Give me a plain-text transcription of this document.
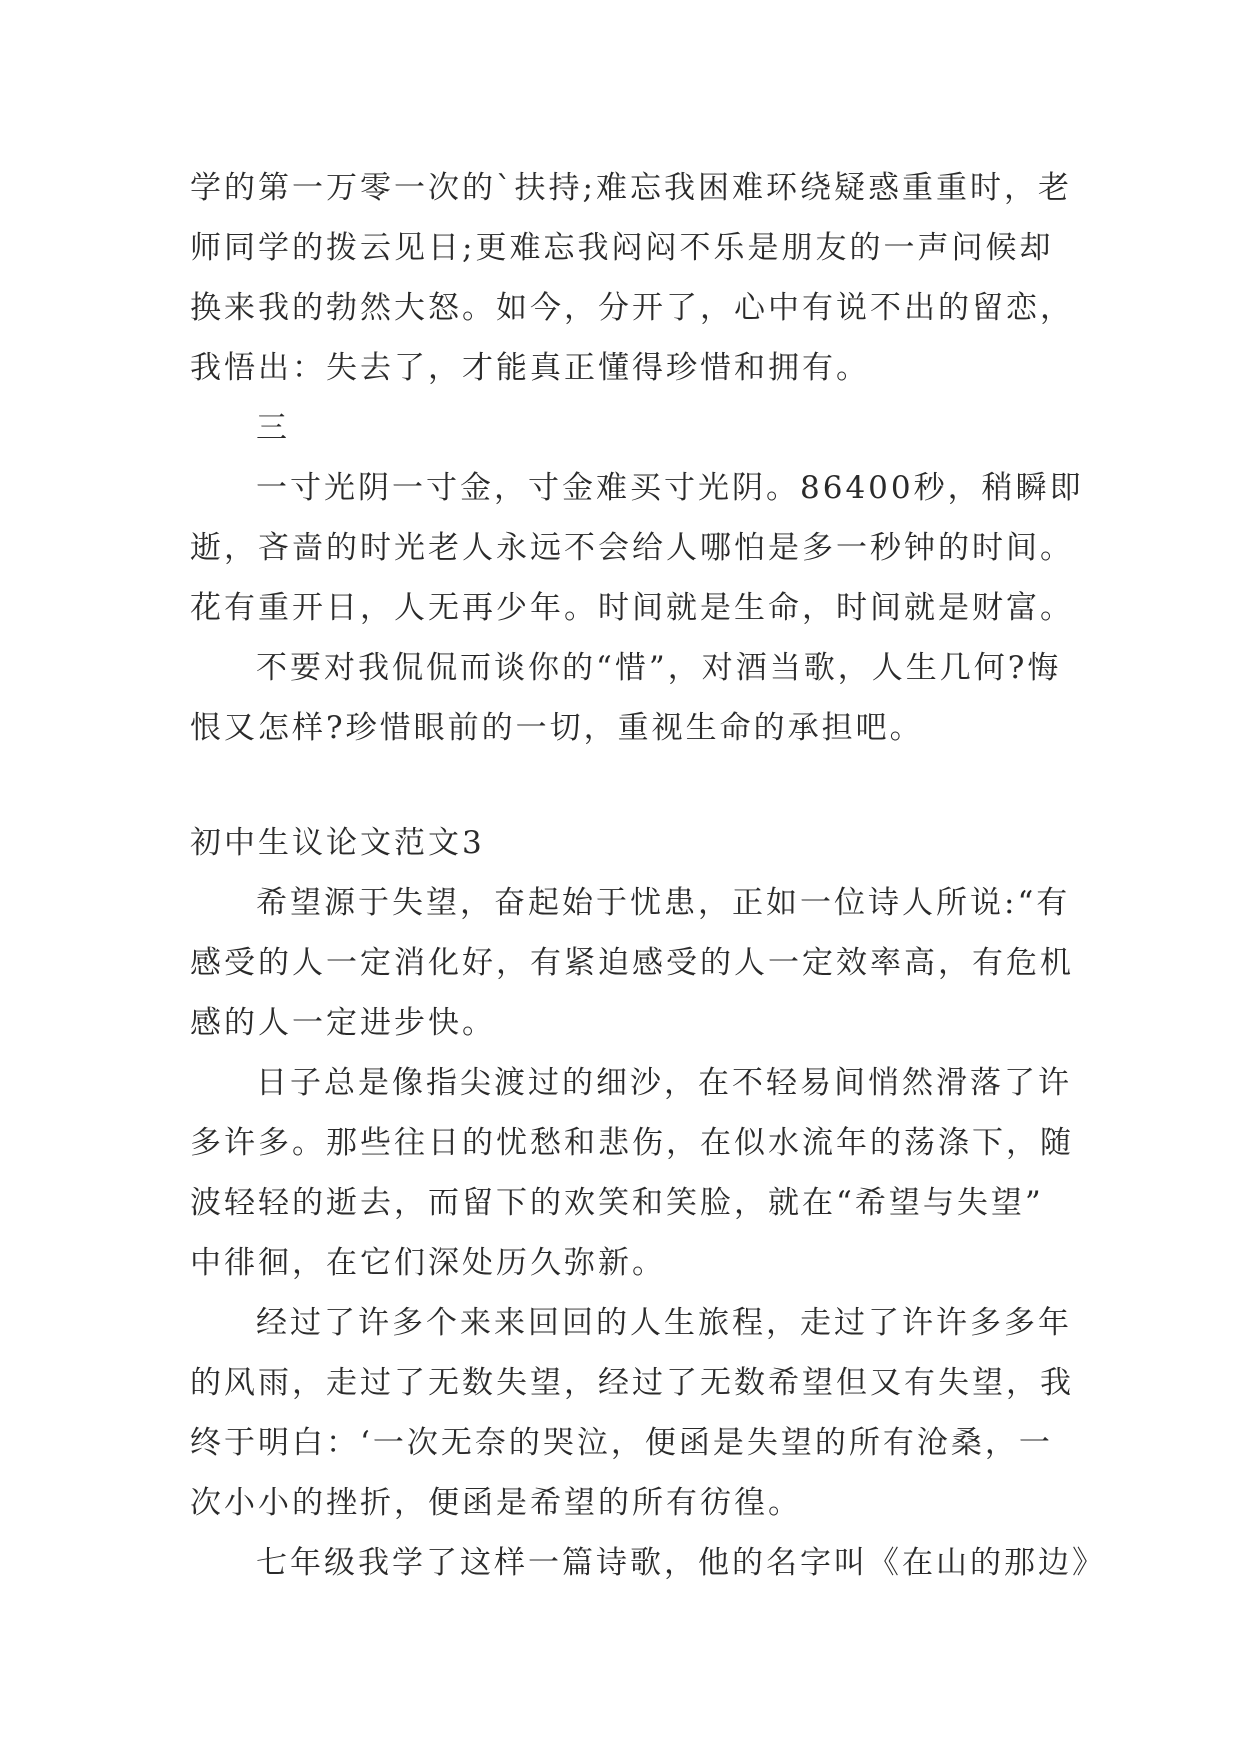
学的第一万零一次的`扶持;难忘我困难环绕疑惑重重时，老
师同学的拨云见日;更难忘我闷闷不乐是朋友的一声问候却
换来我的勃然大怒。如今，分开了，心中有说不出的留恋，
我悟出：失去了，才能真正懂得珍惜和拥有。
三
一寸光阴一寸金，寸金难买寸光阴。86400秒，稍瞬即
逝，吝啬的时光老人永远不会给人哪怕是多一秒钟的时间。
花有重开日，人无再少年。时间就是生命，时间就是财富。
不要对我侃侃而谈你的“惜”，对酒当歌，人生几何?悔
恨又怎样?珍惜眼前的一切，重视生命的承担吧。
初中生议论文范文3
希望源于失望，奋起始于忧患，正如一位诗人所说:“有
感受的人一定消化好，有紧迫感受的人一定效率高，有危机
感的人一定进步快。
日子总是像指尖渡过的细沙，在不轻易间悄然滑落了许
多许多。那些往日的忧愁和悲伤，在似水流年的荡涤下，随
波轻轻的逝去，而留下的欢笑和笑脸，就在“希望与失望”
中徘徊，在它们深处历久弥新。
经过了许多个来来回回的人生旅程，走过了许许多多年
的风雨，走过了无数失望，经过了无数希望但又有失望，我
终于明白：‘一次无奈的哭泣，便函是失望的所有沧桑，一
次小小的挫折，便函是希望的所有彷徨。
七年级我学了这样一篇诗歌，他的名字叫《在山的那边》
